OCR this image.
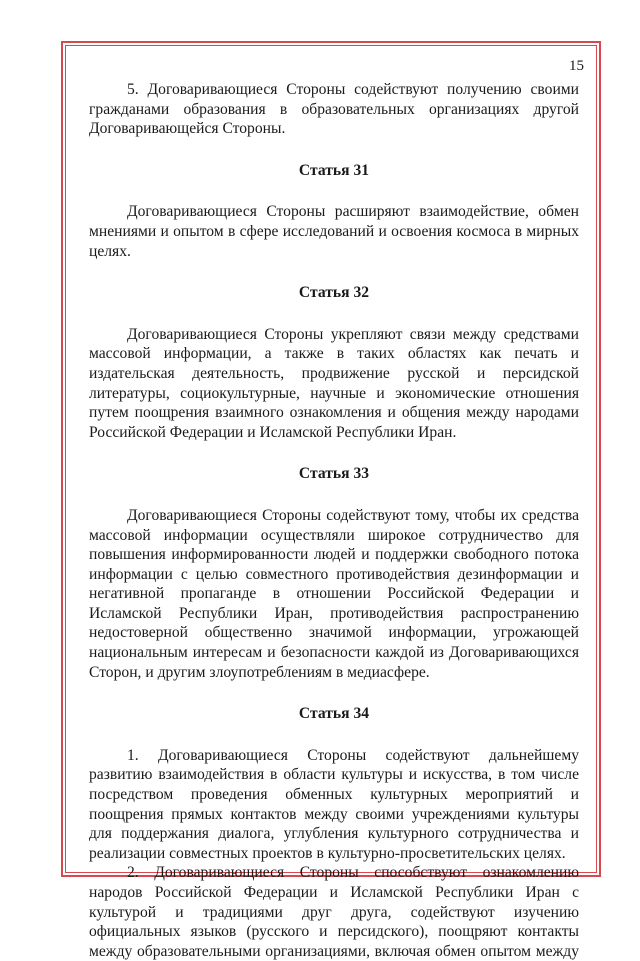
15

5. Договаривающиеся Стороны содействуют получению своими гражданами образования в образовательных организациях другой Договаривающейся Стороны.

Статья 31

Договаривающиеся Стороны расширяют взаимодействие, обмен мнениями и опытом в сфере исследований и освоения космоса в мирных целях.

Статья 32

Договаривающиеся Стороны укрепляют связи между средствами массовой информации, а также в таких областях как печать и издательская деятельность, продвижение русской и персидской литературы, социокультурные, научные и экономические отношения путем поощрения взаимного ознакомления и общения между народами Российской Федерации и Исламской Республики Иран.

Статья 33

Договаривающиеся Стороны содействуют тому, чтобы их средства массовой информации осуществляли широкое сотрудничество для повышения информированности людей и поддержки свободного потока информации с целью совместного противодействия дезинформации и негативной пропаганде в отношении Российской Федерации и Исламской Республики Иран, противодействия распространению недостоверной общественно значимой информации, угрожающей национальным интересам и безопасности каждой из Договаривающихся Сторон, и другим злоупотреблениям в медиасфере.

Статья 34

1. Договаривающиеся Стороны содействуют дальнейшему развитию взаимодействия в области культуры и искусства, в том числе посредством проведения обменных культурных мероприятий и поощрения прямых контактов между своими учреждениями культуры для поддержания диалога, углубления культурного сотрудничества и реализации совместных проектов в культурно-просветительских целях.

2. Договаривающиеся Стороны способствуют ознакомлению народов Российской Федерации и Исламской Республики Иран с культурой и традициями друг друга, содействуют изучению официальных языков (русского и персидского), поощряют контакты между образовательными организациями, включая обмен опытом между
